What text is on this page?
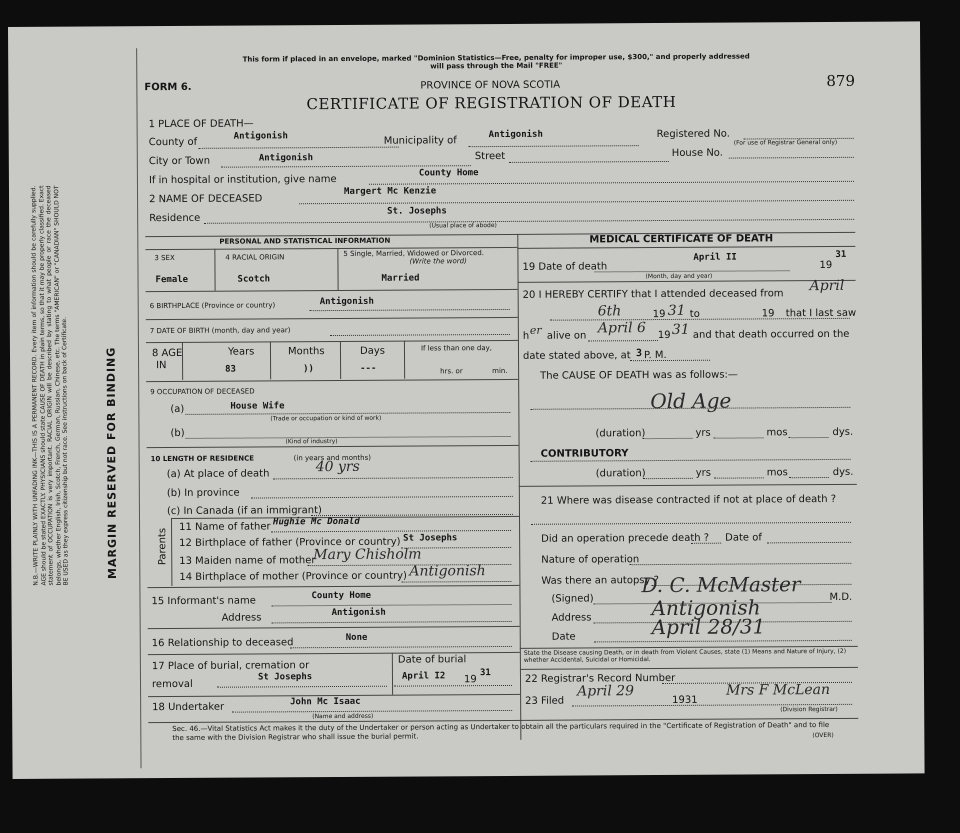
MARGIN RESERVED FOR BINDING
N.B.—WRITE PLAINLY WITH UNFADING INK—THIS IS A PERMANENT RECORD. Every item of information should be carefully supplied. AGE should be stated EXACTLY. PHYSICIANS should state CAUSE OF DEATH in plain terms, so that it may be properly classified. Exact statement of OCCUPATION is very important. RACIAL ORIGIN will be described by stating to what people or race the deceased belongs, whether English, Irish, Scotch, French, German, Russian, Chinese, etc. The terms "AMERICAN" or "CANADIAN" SHOULD NOT BE USED as they express citizenship but not race. See instructions on back of Certificate.
This form if placed in an envelope, marked "Dominion Statistics—Free, penalty for improper use, $300," and properly addressed will pass through the Mail "FREE"
FORM 6.	PROVINCE OF NOVA SCOTIA	879
CERTIFICATE OF REGISTRATION OF DEATH
1 PLACE OF DEATH—
County of
Antigonish	Municipality of
Antigonish	Registered No.
(For use of Registrar General only)
City or Town	Antigonish	Street	House No.
If in hospital or institution, give name
County Home
2 NAME OF DECEASED
Margert Mc Kenzie
Residence
St. Josephs
(Usual place of abode)
PERSONAL AND STATISTICAL INFORMATION	MEDICAL CERTIFICATE OF DEATH
3 SEX
Female
4 RACIAL ORIGIN
Scotch
5 Single, Married, Widowed or Divorced.
(Write the word)
Married
6 BIRTHPLACE (Province or country)	Antigonish
7 DATE OF BIRTH (month, day and year)
8 AGE
IN
Years
83
Months
))
Days
---
If less than one day,
hrs. or	min.
9 OCCUPATION OF DECEASED
(a)	House Wife
(Trade or occupation or kind of work)
(b)
(Kind of industry)
10 LENGTH OF RESIDENCE	(in years and months)
(a) At place of death	40 yrs
(b) In province
(c) In Canada (if an immigrant)
Parents
11 Name of father Hughie Mc Donald
12 Birthplace of father (Province or country) St Josephs
13 Maiden name of mother
Mary Chisholm
14 Birthplace of mother (Province or country) Antigonish
15 Informant's name	County Home
Address	Antigonish
16 Relationship to deceased	None
17 Place of burial, cremation or removal
St Josephs
Date of burial
April I2 19
31
18 Undertaker	John Mc Isaac
(Name and address)
19 Date of death
April II
19
31
(Month, day and year)
20 I HEREBY CERTIFY that I attended deceased from
April
6th	19 31 to	19 that I last saw
h er alive on April 6 19 31 and that death occurred on the
date stated above, at 3 P. M.
The CAUSE OF DEATH was as follows:—
Old Age
(duration)	yrs	mos	dys.
CONTRIBUTORY
(duration)	yrs	mos	dys.
21 Where was disease contracted if not at place of death ?
Did an operation precede death ? Date of
Nature of operation
Was there an autopsy ?
(Signed)
D. C. McMaster
M.D.
Address	Antigonish
Date	April 28/31
State the Disease causing Death, or in death from Violent Causes, state (1) Means and Nature of Injury, (2) whether Accidental, Suicidal or Homicidal.
22 Registrar's Record Number
23 Filed
April 29
1931
Mrs F McLean
(Division Registrar)
Sec. 46.—Vital Statistics Act makes it the duty of the Undertaker or person acting as Undertaker to obtain all the particulars required in the "Certificate of Registration of Death" and to file the same with the Division Registrar who shall issue the burial permit.	(OVER)
